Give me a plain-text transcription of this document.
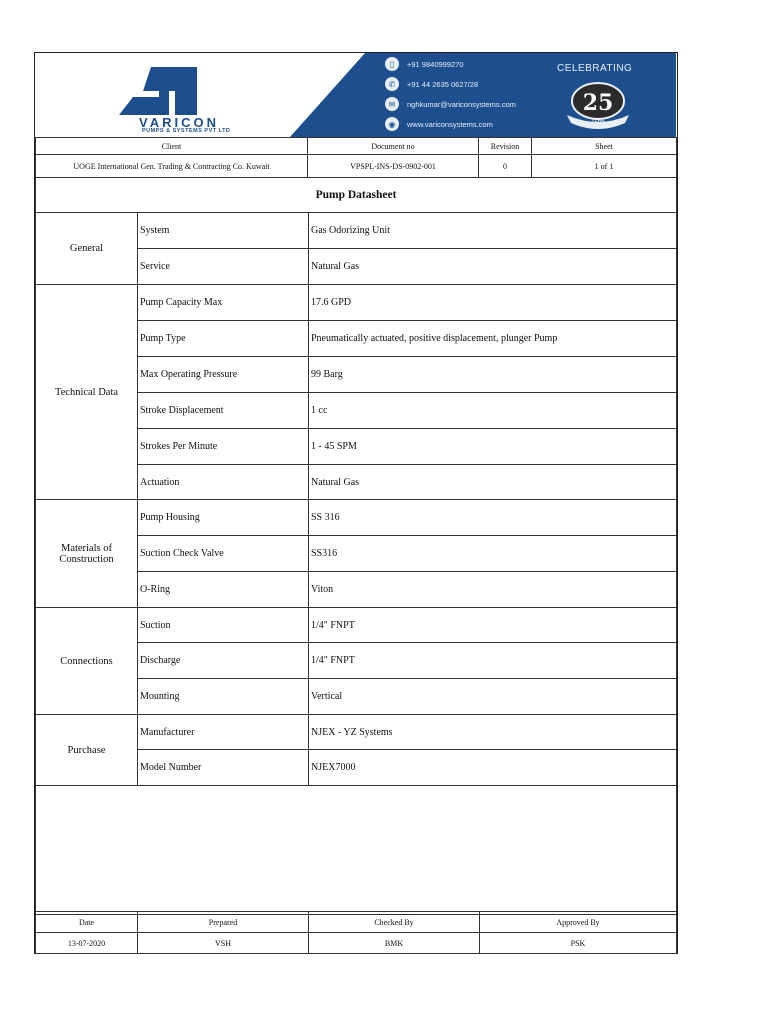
VARICON
PUMPS & SYSTEMS PVT LTD
▯	+91 9840999270
✆	+91 44 2635 0627/28
✉	nghkumar@variconsystems.com
◉	www.variconsystems.com
CELEBRATING
25
YEAR
Client	Document no	Revision	Sheet
UOGE International Gen. Trading & Contracting Co. Kuwait	VPSPL-INS-DS-0902-001	0	1 of 1
Pump Datasheet		
General	System	Gas Odorizing Unit
	Service	Natural Gas
Technical Data	Pump Capacity Max	17.6 GPD
	Pump Type	Pneumatically actuated, positive displacement, plunger Pump
	Max Operating Pressure	99 Barg
	Stroke Displacement	1 cc
	Strokes Per Minute	1 - 45 SPM
	Actuation	Natural Gas
Materials of Construction	Pump Housing	SS 316
	Suction Check Valve	SS316
	O-Ring	Viton
Connections	Suction	1/4" FNPT
	Discharge	1/4" FNPT
	Mounting	Vertical
Purchase	Manufacturer	NJEX - YZ Systems
	Model Number	NJEX7000

Date	Prepared	Checked By	Approved By
13-07-2020	VSH	BMK	PSK
